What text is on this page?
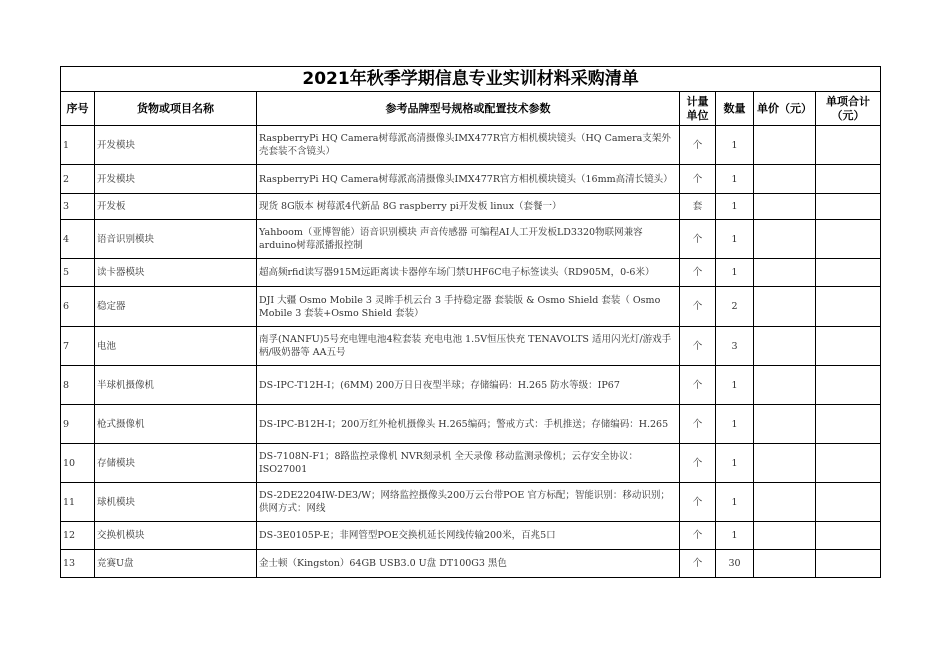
2021年秋季学期信息专业实训材料采购清单						
序号	货物或项目名称	参考品牌型号规格或配置技术参数	计量单位	数量	单价（元）	单项合计（元）
1	开发模块	RaspberryPi HQ Camera树莓派高清摄像头IMX477R官方相机模块镜头（HQ Camera支架外壳套装不含镜头）	个	1		
2	开发模块	RaspberryPi HQ Camera树莓派高清摄像头IMX477R官方相机模块镜头（16mm高清长镜头）	个	1		
3	开发板	现货 8G版本 树莓派4代新品 8G raspberry pi开发板 linux（套餐一）	套	1		
4	语音识别模块	Yahboom（亚博智能）语音识别模块 声音传感器 可编程AI人工开发板LD3320物联网兼容arduino树莓派播报控制	个	1		
5	读卡器模块	超高频rfid读写器915M远距离读卡器停车场门禁UHF6C电子标签读头（RD905M，0-6米）	个	1		
6	稳定器	DJI 大疆 Osmo Mobile 3 灵眸手机云台 3 手持稳定器 套装版 & Osmo Shield 套装（ Osmo Mobile 3 套装+Osmo Shield 套装）	个	2		
7	电池	南孚(NANFU)5号充电锂电池4粒套装 充电电池 1.5V恒压快充 TENAVOLTS 适用闪光灯/游戏手柄/吸奶器等 AA五号	个	3		
8	半球机摄像机	DS-IPC-T12H-I；(6MM) 200万日日夜型半球；存储编码：H.265 防水等级：IP67	个	1		
9	枪式摄像机	DS-IPC-B12H-I；200万红外枪机摄像头 H.265编码；警戒方式：手机推送；存储编码：H.265	个	1		
10	存储模块	DS-7108N-F1；8路监控录像机 NVR刻录机 全天录像 移动监测录像机；云存安全协议：ISO27001	个	1		
11	球机模块	DS-2DE2204IW-DE3/W；网络监控摄像头200万云台带POE 官方标配；智能识别：移动识别；供网方式：网线	个	1		
12	交换机模块	DS-3E0105P-E；非网管型POE交换机延长网线传输200米，百兆5口	个	1		
13	竞赛U盘	金士顿（Kingston）64GB USB3.0 U盘 DT100G3 黑色	个	30		
